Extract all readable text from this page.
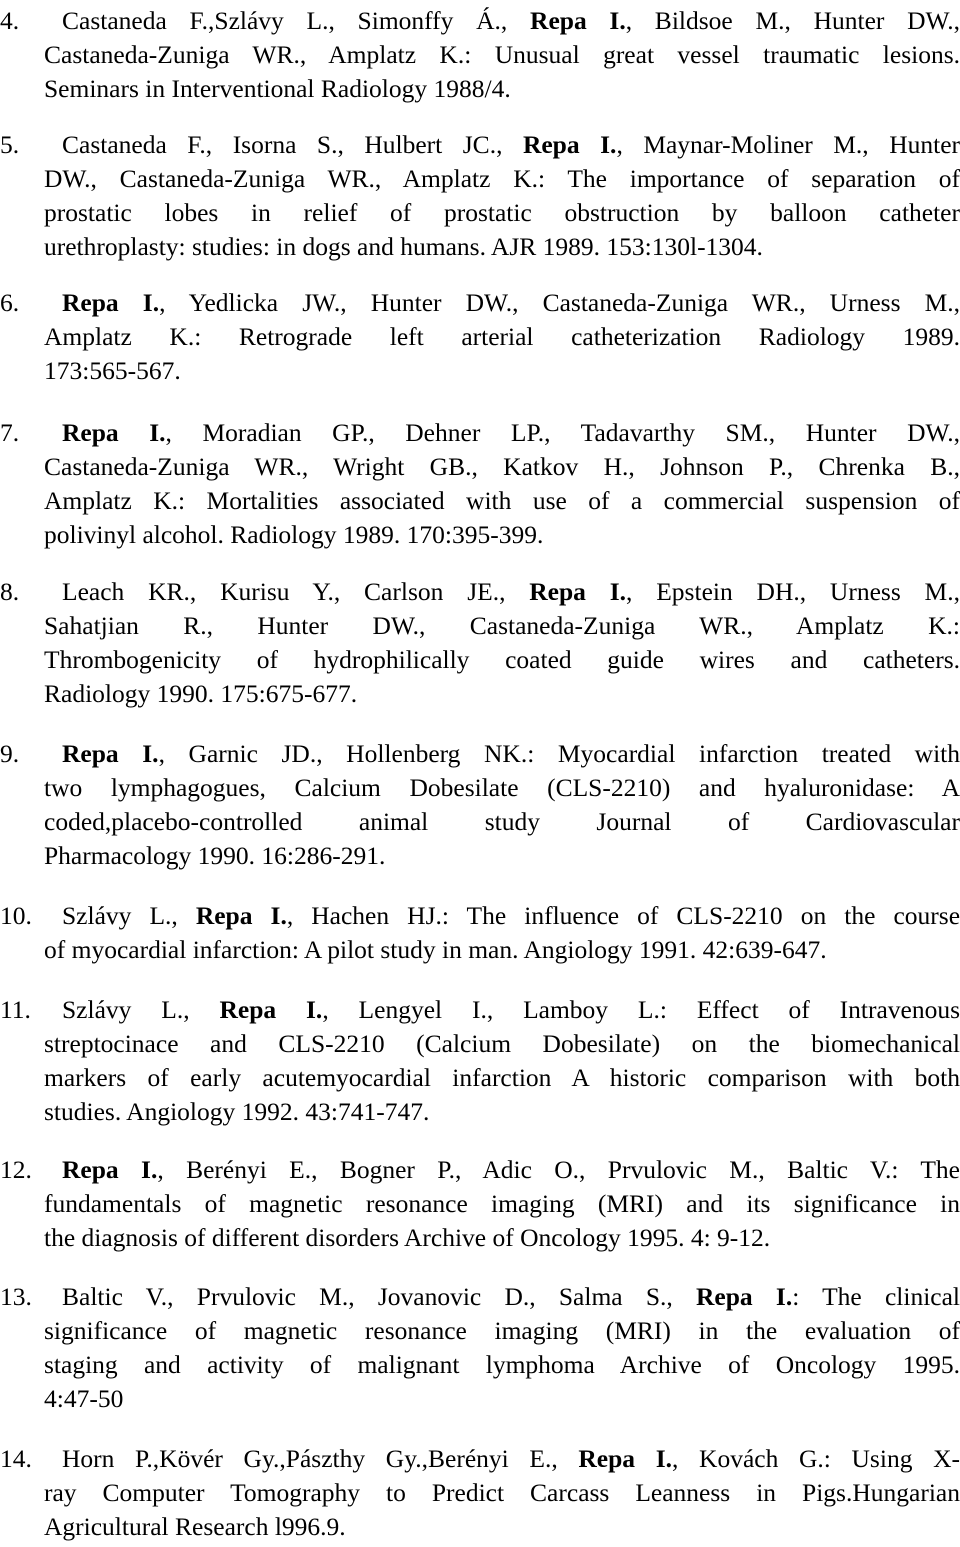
4.	Castaneda F.,Szlávy L., Simonffy Á., Repa I., Bildsoe M., Hunter DW.,
Castaneda-Zuniga WR., Amplatz K.: Unusual great vessel traumatic lesions.
Seminars in Interventional Radiology 1988/4.
5.	Castaneda F., Isorna S., Hulbert JC., Repa I., Maynar-Moliner M., Hunter
DW., Castaneda-Zuniga WR., Amplatz K.: The importance of separation of
prostatic lobes in relief of prostatic obstruction by balloon catheter
urethroplasty: studies: in dogs and humans. AJR 1989. 153:130l-1304.
6.	Repa I., Yedlicka JW., Hunter DW., Castaneda-Zuniga WR., Urness M.,
Amplatz K.: Retrograde left arterial catheterization Radiology 1989.
173:565-567.
7.	Repa I., Moradian GP., Dehner LP., Tadavarthy SM., Hunter DW.,
Castaneda-Zuniga WR., Wright GB., Katkov H., Johnson P., Chrenka B.,
Amplatz K.: Mortalities associated with use of a commercial suspension of
polivinyl alcohol. Radiology 1989. 170:395-399.
8.	Leach KR., Kurisu Y., Carlson JE., Repa I., Epstein DH., Urness M.,
Sahatjian R., Hunter DW., Castaneda-Zuniga WR., Amplatz K.:
Thrombogenicity of hydrophilically coated guide wires and catheters.
Radiology 1990. 175:675-677.
9.	Repa I., Garnic JD., Hollenberg NK.: Myocardial infarction treated with
two lymphagogues, Calcium Dobesilate (CLS-2210) and hyaluronidase: A
coded,placebo-controlled animal study Journal of Cardiovascular
Pharmacology 1990. 16:286-291.
10.	Szlávy L., Repa I., Hachen HJ.: The influence of CLS-2210 on the course
of myocardial infarction: A pilot study in man. Angiology 1991. 42:639-647.
11.	Szlávy L., Repa I., Lengyel I., Lamboy L.: Effect of Intravenous
streptocinace and CLS-2210 (Calcium Dobesilate) on the biomechanical
markers of early acutemyocardial infarction A historic comparison with both
studies. Angiology 1992. 43:741-747.
12.	Repa I., Berényi E., Bogner P., Adic O., Prvulovic M., Baltic V.: The
fundamentals of magnetic resonance imaging (MRI) and its significance in
the diagnosis of different disorders Archive of Oncology 1995. 4: 9-12.
13.	Baltic V., Prvulovic M., Jovanovic D., Salma S., Repa I.: The clinical
significance of magnetic resonance imaging (MRI) in the evaluation of
staging and activity of malignant lymphoma Archive of Oncology 1995.
4:47-50
14.	Horn P.,Kövér Gy.,Pászthy Gy.,Berényi E., Repa I., Kovách G.: Using X-
ray Computer Tomography to Predict Carcass Leanness in Pigs.Hungarian
Agricultural Research l996.9.
